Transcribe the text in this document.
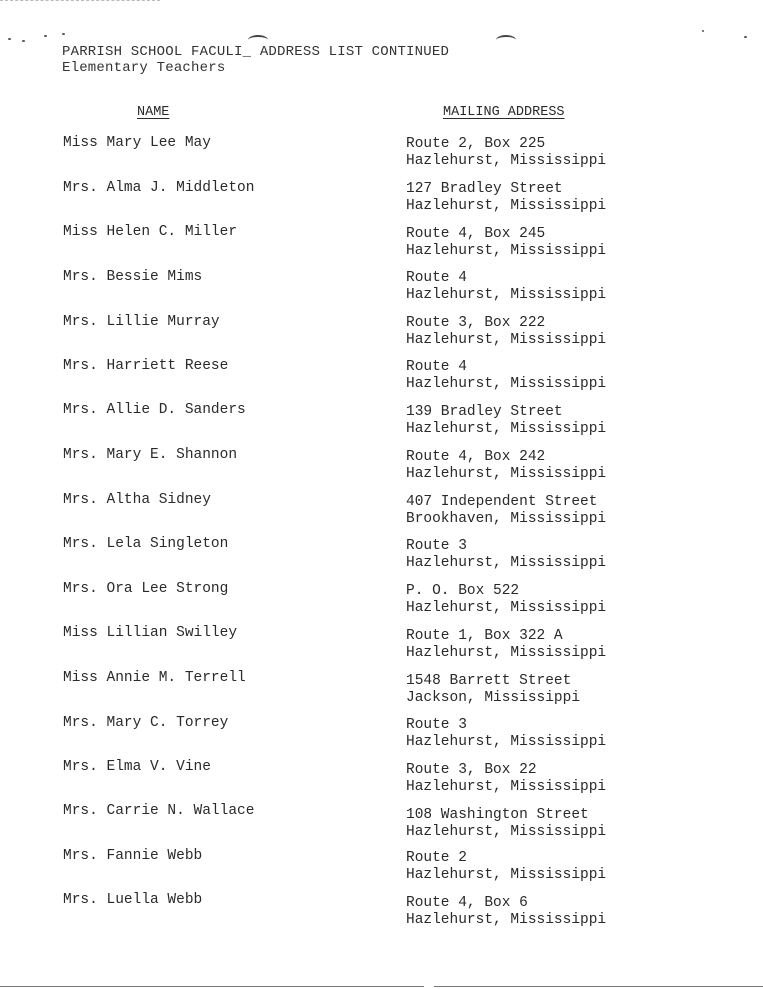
PARRISH SCHOOL FACULI_ ADDRESS LIST CONTINUED
Elementary Teachers
NAME	MAILING ADDRESS
Miss Mary Lee May	Route 2, Box 225
Hazlehurst, Mississippi
Mrs. Alma J. Middleton	127 Bradley Street
Hazlehurst, Mississippi
Miss Helen C. Miller	Route 4, Box 245
Hazlehurst, Mississippi
Mrs. Bessie Mims	Route 4
Hazlehurst, Mississippi
Mrs. Lillie Murray	Route 3, Box 222
Hazlehurst, Mississippi
Mrs. Harriett Reese	Route 4
Hazlehurst, Mississippi
Mrs. Allie D. Sanders	139 Bradley Street
Hazlehurst, Mississippi
Mrs. Mary E. Shannon	Route 4, Box 242
Hazlehurst, Mississippi
Mrs. Altha Sidney	407 Independent Street
Brookhaven, Mississippi
Mrs. Lela Singleton	Route 3
Hazlehurst, Mississippi
Mrs. Ora Lee Strong	P. O. Box 522
Hazlehurst, Mississippi
Miss Lillian Swilley	Route 1, Box 322 A
Hazlehurst, Mississippi
Miss Annie M. Terrell	1548 Barrett Street
Jackson, Mississippi
Mrs. Mary C. Torrey	Route 3
Hazlehurst, Mississippi
Mrs. Elma V. Vine	Route 3, Box 22
Hazlehurst, Mississippi
Mrs. Carrie N. Wallace	108 Washington Street
Hazlehurst, Mississippi
Mrs. Fannie Webb	Route 2
Hazlehurst, Mississippi
Mrs. Luella Webb	Route 4, Box 6
Hazlehurst, Mississippi
